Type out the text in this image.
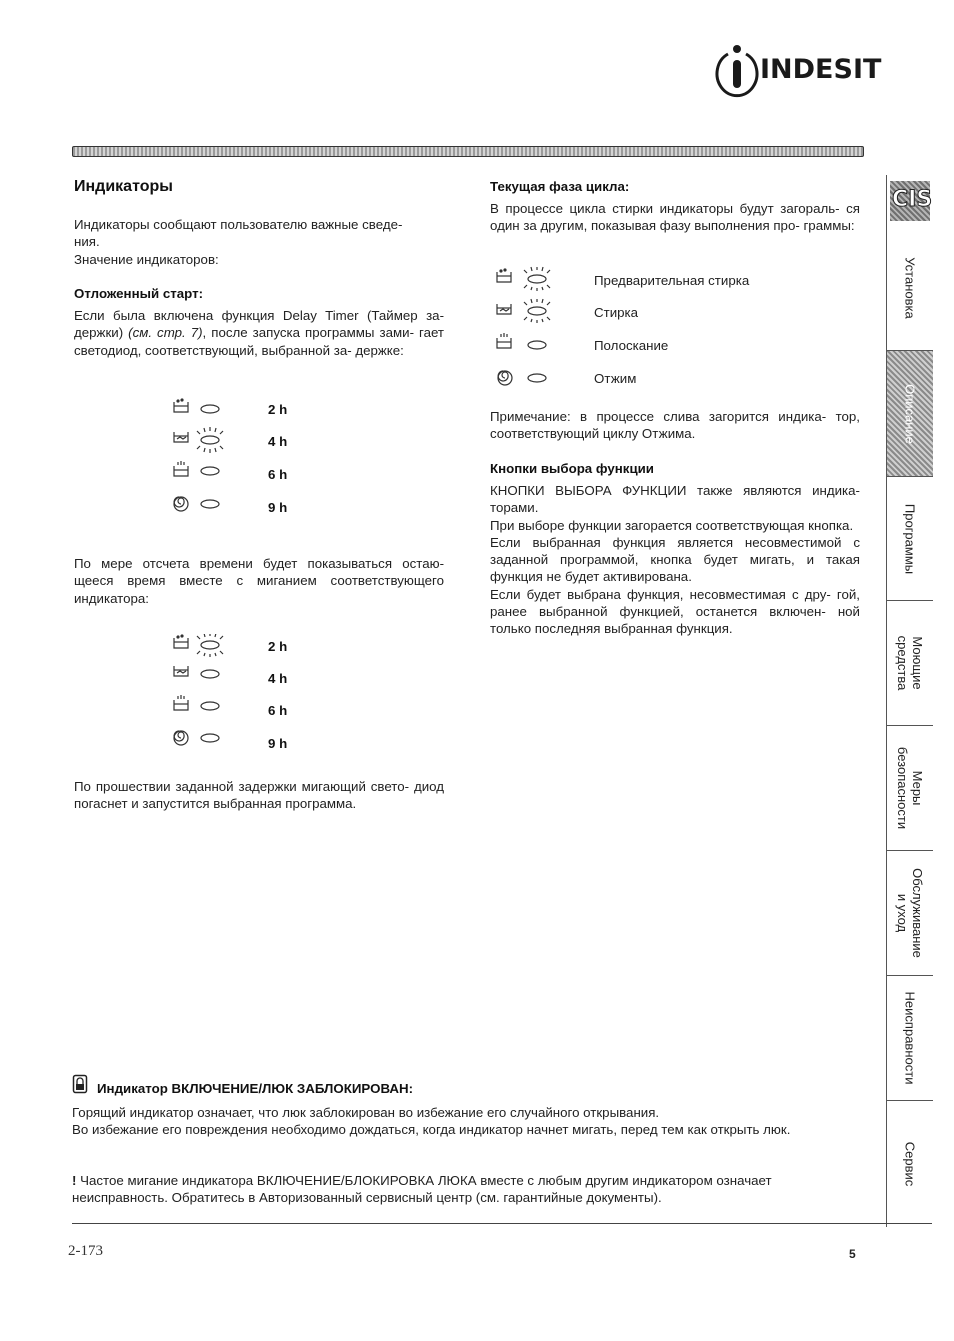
INDESIT
Индикаторы
Индикаторы сообщают пользователю важные сведе-
ния.
Значение индикаторов:
Отложенный старт:
Если была включена функция Delay Timer (Таймер за- держки) (см. стр. 7), после запуска программы зами- гает светодиод, соответствующий, выбранной за- держке:
2 h
4 h
6 h
9 h
По мере отсчета времени будет показываться остаю- щееся время вместе с миганием соответствующего индикатора:
2 h
4 h
6 h
9 h
По прошествии заданной задержки мигающий свето- диод погаснет и запустится выбранная программа.
Текущая фаза цикла:
В процессе цикла стирки индикаторы будут загораль- ся один за другим, показывая фазу выполнения про- граммы:
Предварительная стирка
Стирка
Полоскание
Отжим
Примечание: в процессе слива загорится индика- тор, соответствующий циклу Отжима.
Кнопки выбора функции
КНОПКИ ВЫБОРА ФУНКЦИИ также являются индика- торами.
При выборе функции загорается соответствующая кнопка.
Если выбранная функция является несовместимой с заданной программой, кнопка будет мигать, и такая функция не будет активирована.
Если будет выбрана функция, несовместимая с дру- гой, ранее выбранной функцией, останется включен- ной только последняя выбранная функция.
Индикатор ВКЛЮЧЕНИЕ/ЛЮК ЗАБЛОКИРОВАН:
Горящий индикатор означает, что люк заблокирован во избежание его случайного открывания.
Во избежание его повреждения необходимо дождаться, когда индикатор начнет мигать, перед тем как открыть люк.
! Частое мигание индикатора ВКЛЮЧЕНИЕ/БЛОКИРОВКА ЛЮКА вместе с любым другим индикатором означает неисправность. Обратитесь в Авторизованный сервисный центр (см. гарантийные документы).
CIS
Установка
Описание
Программы
Моющие средства
Меры безопасности
Обслуживание и уход
Неисправности
Сервис
2-173	5
